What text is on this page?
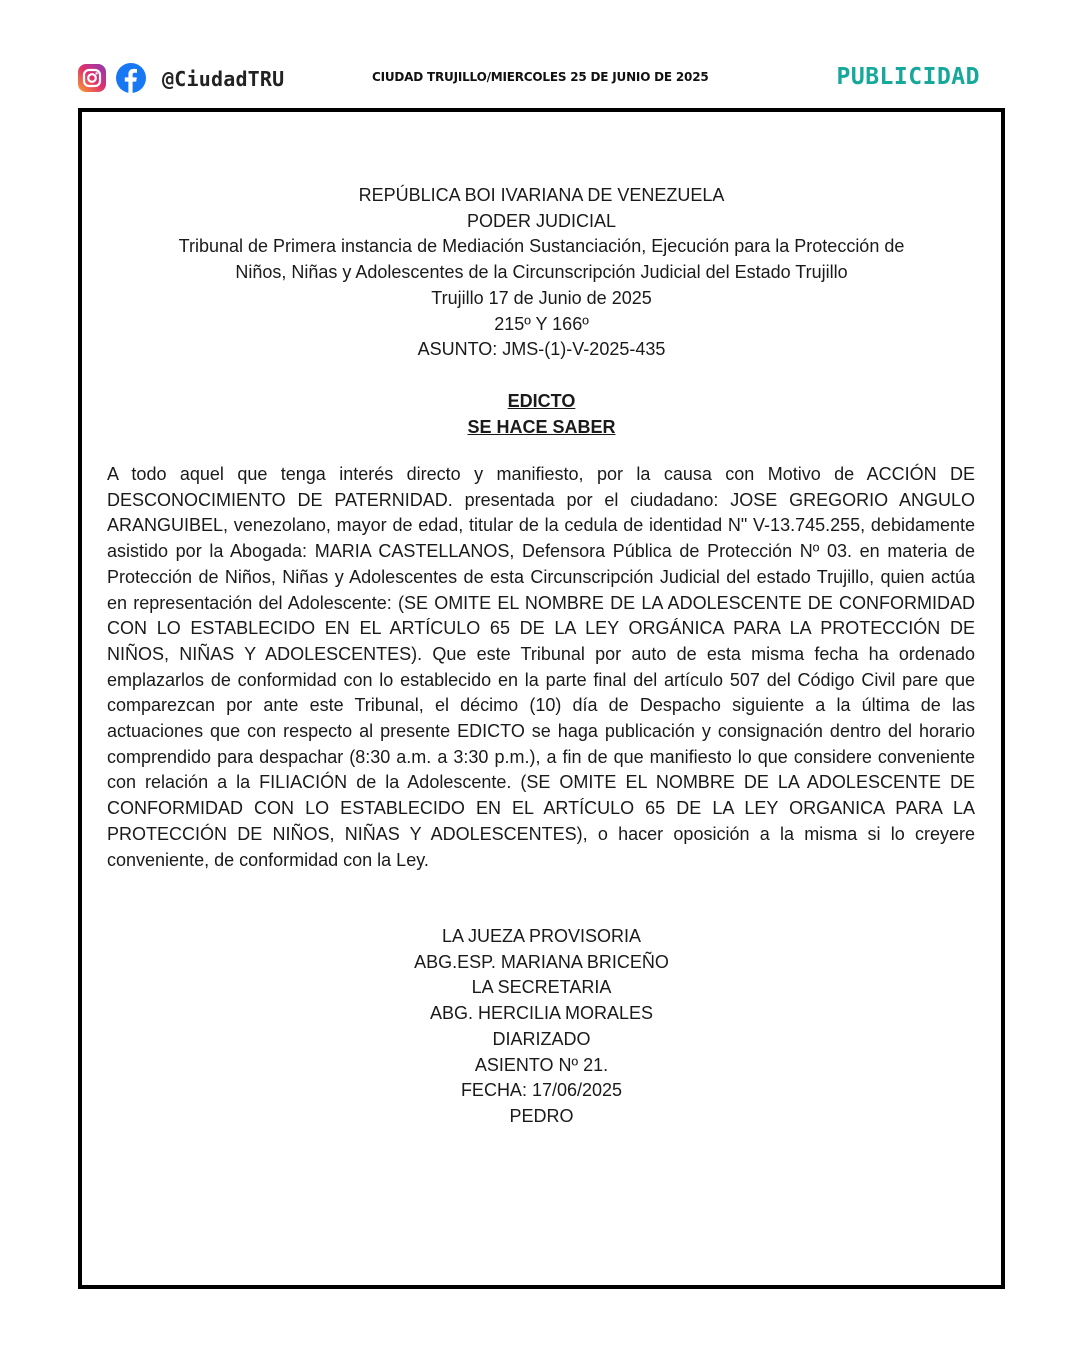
@CiudadTRU	CIUDAD TRUJILLO/MIERCOLES 25 DE JUNIO DE 2025	PUBLICIDAD
REPÚBLICA BOI IVARIANA DE VENEZUELA
PODER JUDICIAL
Tribunal de Primera instancia de Mediación Sustanciación, Ejecución para la Protección de
Niños, Niñas y Adolescentes de la Circunscripción Judicial del Estado Trujillo
Trujillo 17 de Junio de 2025
215º Y 166º
ASUNTO: JMS-(1)-V-2025-435
EDICTO
SE HACE SABER
A todo aquel que tenga interés directo y manifiesto, por la causa con Motivo de ACCIÓN DE DESCONOCIMIENTO DE PATERNIDAD. presentada por el ciudadano: JOSE GREGORIO ANGULO ARANGUIBEL, venezolano, mayor de edad, titular de la cedula de identidad N" V-13.745.255, debidamente asistido por la Abogada: MARIA CASTELLANOS, Defensora Pública de Protección Nº 03. en materia de Protección de Niños, Niñas y Adolescentes de esta Circunscripción Judicial del estado Trujillo, quien actúa en representación del Adolescente: (SE OMITE EL NOMBRE DE LA ADOLESCENTE DE CONFORMIDAD CON LO ESTABLECIDO EN EL ARTÍCULO 65 DE LA LEY ORGÁNICA PARA LA PROTECCIÓN DE NIÑOS, NIÑAS Y ADOLESCENTES). Que este Tribunal por auto de esta misma fecha ha ordenado emplazarlos de conformidad con lo establecido en la parte final del artículo 507 del Código Civil pare que comparezcan por ante este Tribunal, el décimo (10) día de Despacho siguiente a la última de las actuaciones que con respecto al presente EDICTO se haga publicación y consignación dentro del horario comprendido para despachar (8:30 a.m. a 3:30 p.m.), a fin de que manifiesto lo que considere conveniente con relación a la FILIACIÓN de la Adolescente. (SE OMITE EL NOMBRE DE LA ADOLESCENTE DE CONFORMIDAD CON LO ESTABLECIDO EN EL ARTÍCULO 65 DE LA LEY ORGANICA PARA LA PROTECCIÓN DE NIÑOS, NIÑAS Y ADOLESCENTES), o hacer oposición a la misma si lo creyere conveniente, de conformidad con la Ley.
LA JUEZA PROVISORIA
ABG.ESP. MARIANA BRICEÑO
LA SECRETARIA
ABG. HERCILIA MORALES
DIARIZADO
ASIENTO Nº 21.
FECHA: 17/06/2025
PEDRO
